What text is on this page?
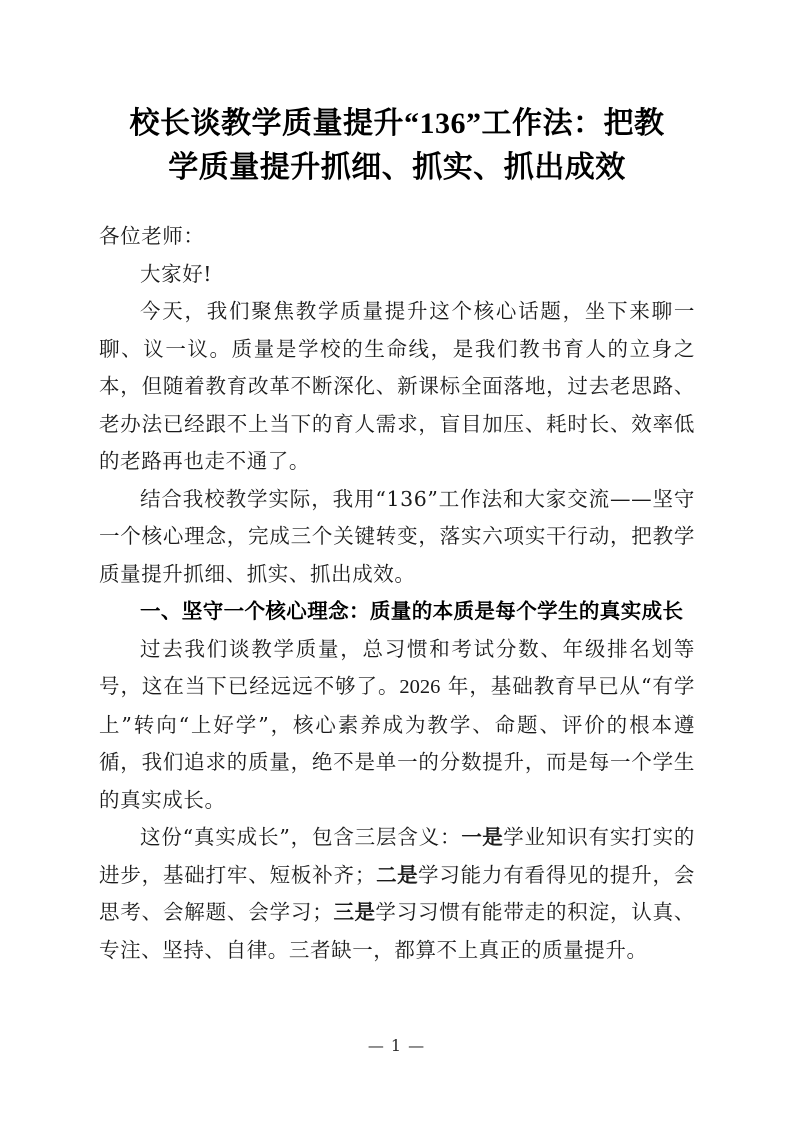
校长谈教学质量提升“136”工作法：把教
学质量提升抓细、抓实、抓出成效

各位老师：

大家好!

今天，我们聚焦教学质量提升这个核心话题，坐下来聊一聊、议一议。质量是学校的生命线，是我们教书育人的立身之本，但随着教育改革不断深化、新课标全面落地，过去老思路、老办法已经跟不上当下的育人需求，盲目加压、耗时长、效率低的老路再也走不通了。

结合我校教学实际，我用“136”工作法和大家交流——坚守一个核心理念，完成三个关键转变，落实六项实干行动，把教学质量提升抓细、抓实、抓出成效。

一、坚守一个核心理念：质量的本质是每个学生的真实成长

过去我们谈教学质量，总习惯和考试分数、年级排名划等号，这在当下已经远远不够了。2026 年，基础教育早已从“有学上”转向“上好学”，核心素养成为教学、命题、评价的根本遵循，我们追求的质量，绝不是单一的分数提升，而是每一个学生的真实成长。

这份“真实成长”，包含三层含义：一是学业知识有实打实的进步，基础打牢、短板补齐；二是学习能力有看得见的提升，会思考、会解题、会学习；三是学习习惯有能带走的积淀，认真、专注、坚持、自律。三者缺一，都算不上真正的质量提升。

— 1 —
